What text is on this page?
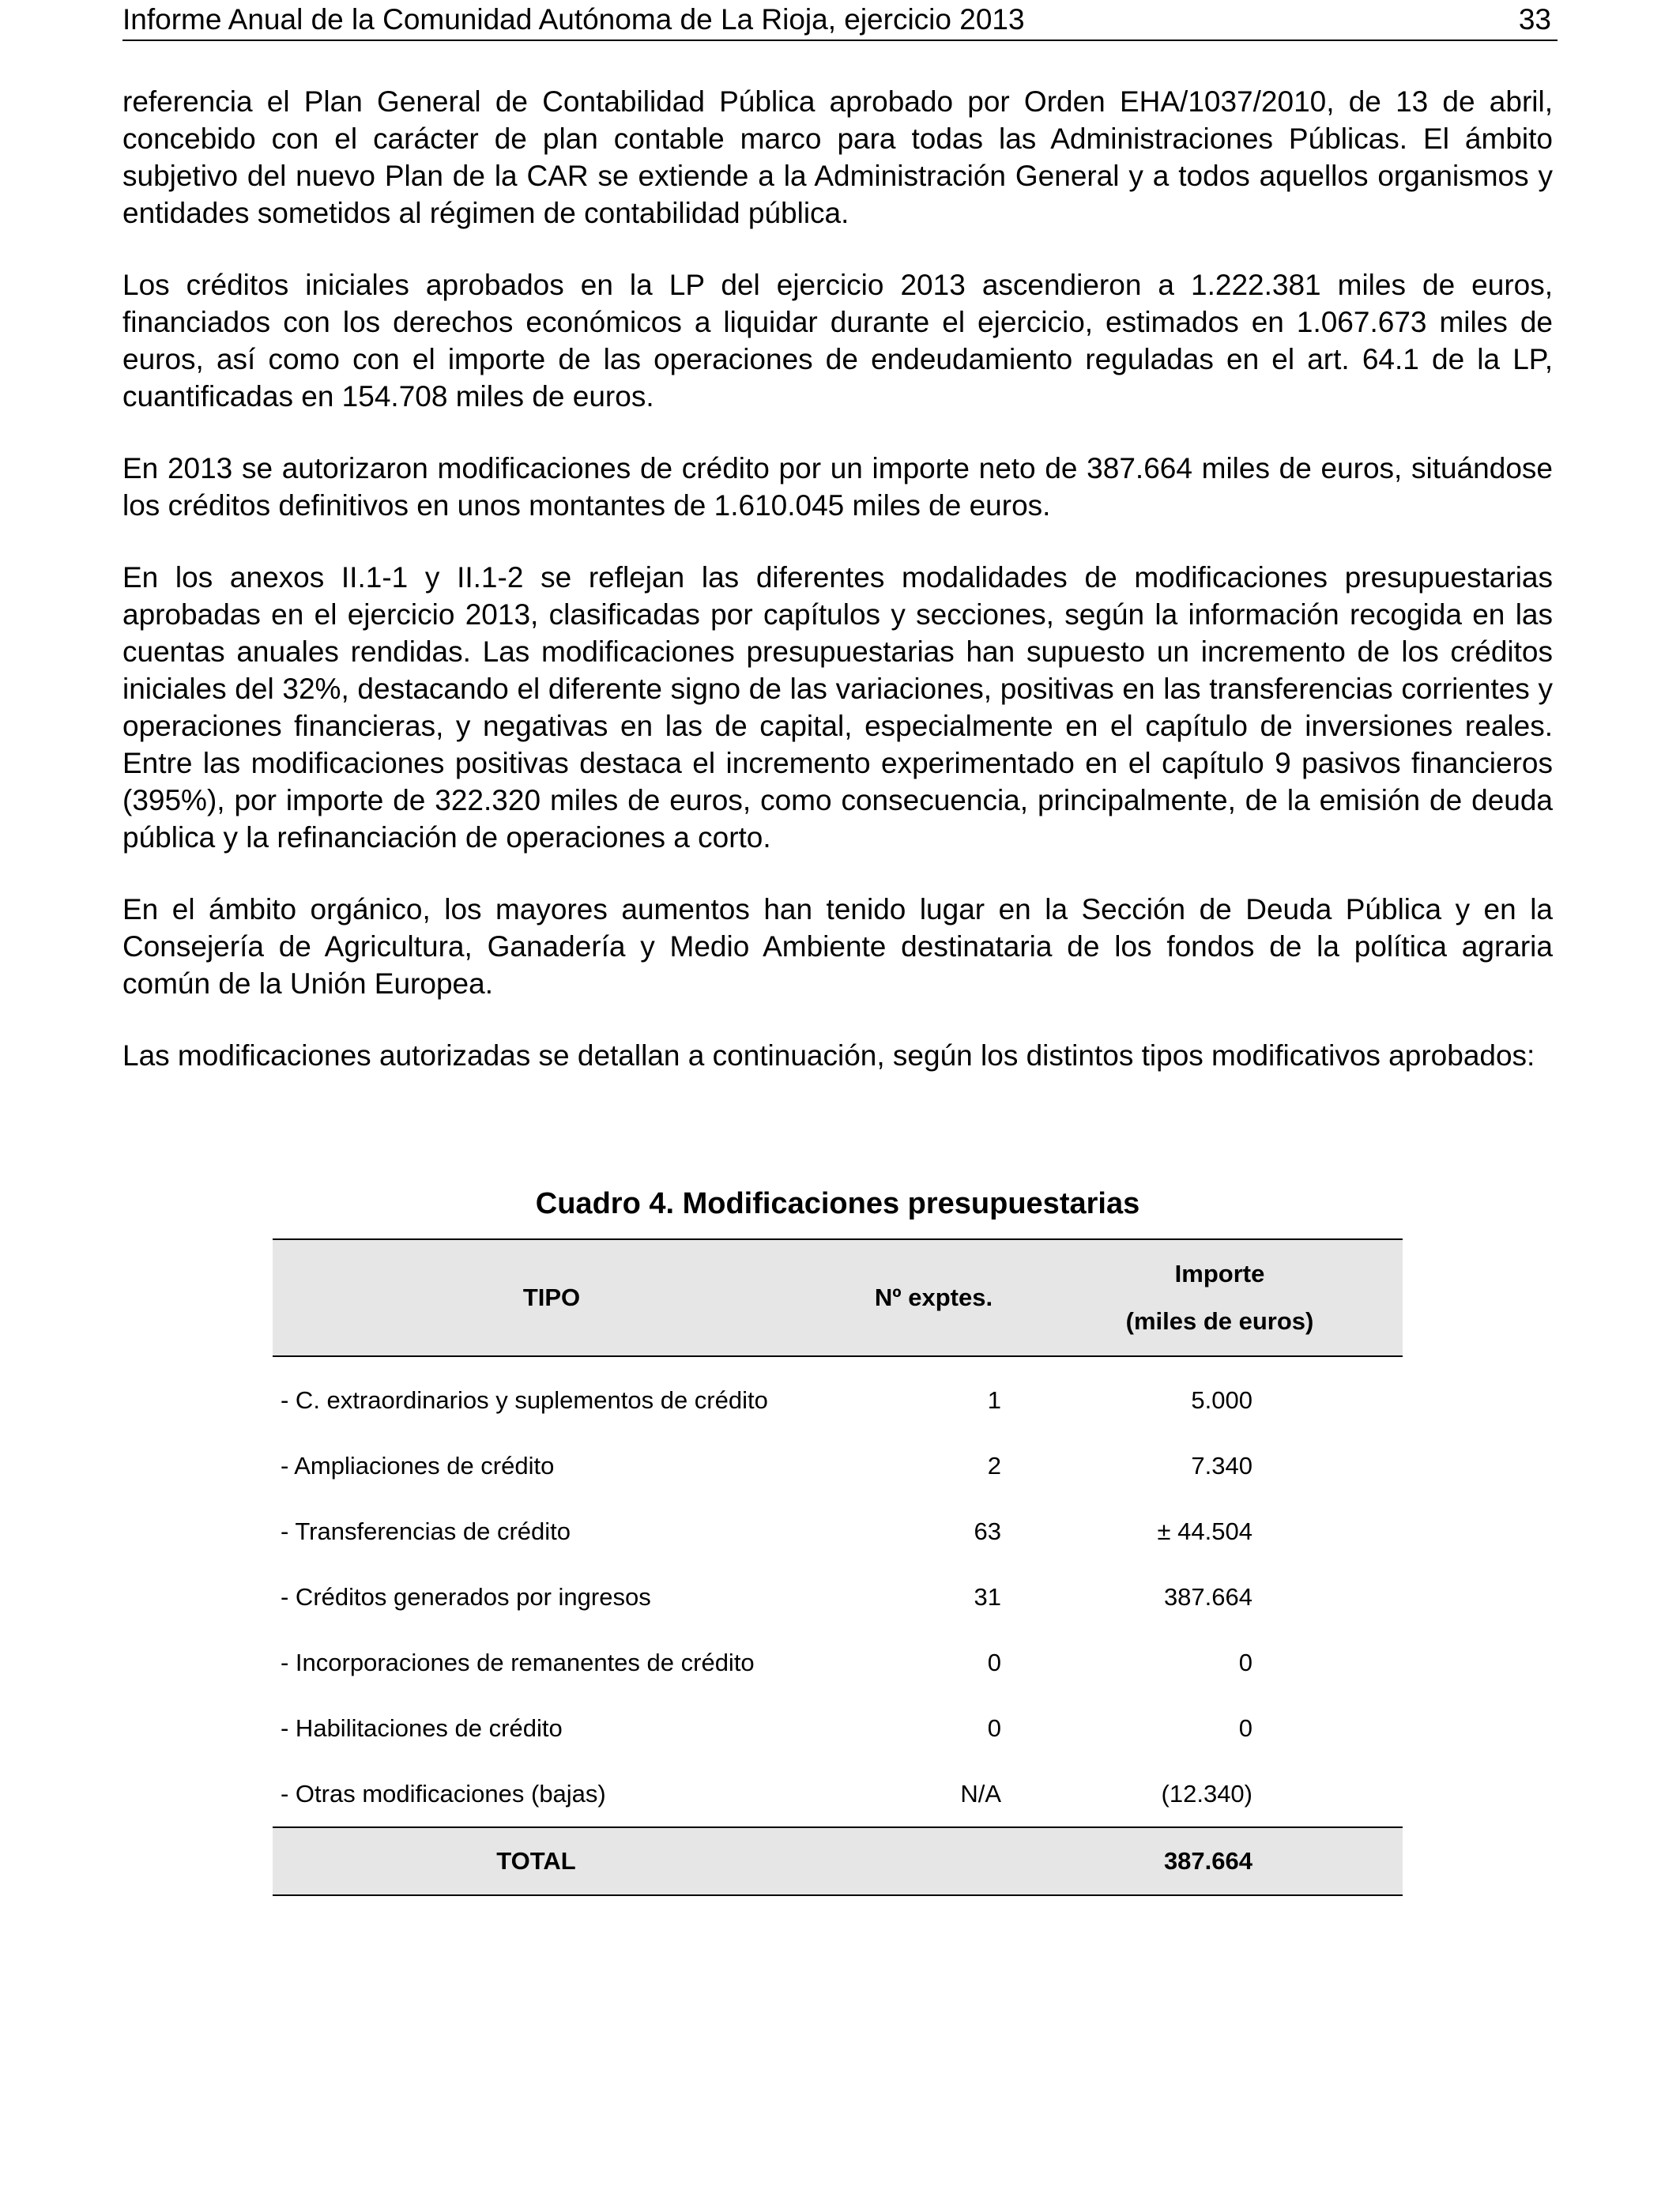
Informe Anual de la Comunidad Autónoma de La Rioja, ejercicio 2013	33

referencia el Plan General de Contabilidad Pública aprobado por Orden EHA/1037/2010, de 13 de abril, concebido con el carácter de plan contable marco para todas las Administraciones Públicas. El ámbito subjetivo del nuevo Plan de la CAR se extiende a la Administración General y a todos aquellos organismos y entidades sometidos al régimen de contabilidad pública.

Los créditos iniciales aprobados en la LP del ejercicio 2013 ascendieron a 1.222.381 miles de euros, financiados con los derechos económicos a liquidar durante el ejercicio, estimados en 1.067.673 miles de euros, así como con el importe de las operaciones de endeudamiento reguladas en el art. 64.1 de la LP, cuantificadas en 154.708 miles de euros.

En 2013 se autorizaron modificaciones de crédito por un importe neto de 387.664 miles de euros, situándose los créditos definitivos en unos montantes de 1.610.045 miles de euros.

En los anexos II.1-1 y II.1-2 se reflejan las diferentes modalidades de modificaciones presupuestarias aprobadas en el ejercicio 2013, clasificadas por capítulos y secciones, según la información recogida en las cuentas anuales rendidas. Las modificaciones presupuestarias han supuesto un incremento de los créditos iniciales del 32%, destacando el diferente signo de las variaciones, positivas en las transferencias corrientes y operaciones financieras, y negativas en las de capital, especialmente en el capítulo de inversiones reales. Entre las modificaciones positivas destaca el incremento experimentado en el capítulo 9 pasivos financieros (395%), por importe de 322.320 miles de euros, como consecuencia, principalmente, de la emisión de deuda pública y la refinanciación de operaciones a corto.

En el ámbito orgánico, los mayores aumentos han tenido lugar en la Sección de Deuda Pública y en la Consejería de Agricultura, Ganadería y Medio Ambiente destinataria de los fondos de la política agraria común de la Unión Europea.

Las modificaciones autorizadas se detallan a continuación, según los distintos tipos modificativos aprobados:

Cuadro 4. Modificaciones presupuestarias
TIPO	Nº exptes.	Importe
(miles de euros)

- C. extraordinarios y suplementos de crédito	1	5.000
- Ampliaciones de crédito	2	7.340
- Transferencias de crédito	63	± 44.504
- Créditos generados por ingresos	31	387.664
- Incorporaciones de remanentes de crédito	0	0
- Habilitaciones de crédito	0	0
- Otras modificaciones (bajas)	N/A	(12.340)
TOTAL		387.664
